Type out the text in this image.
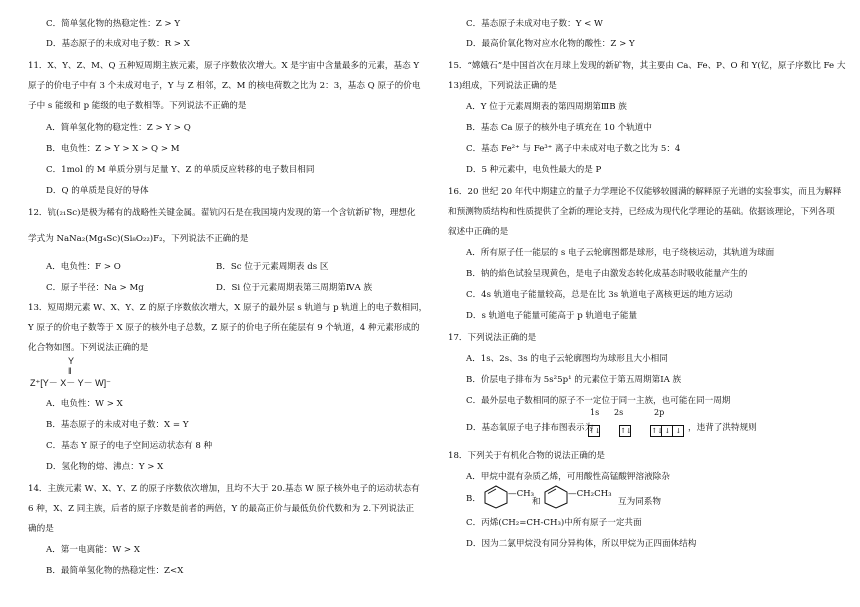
C．简单氢化物的热稳定性：Z > Y
D．基态原子的未成对电子数：R > X
11．X、Y、Z、M、Q 五种短周期主族元素，原子序数依次增大。X 是宇宙中含量最多的元素，基态 Y
原子的价电子中有 3 个未成对电子，Y 与 Z 相邻，Z、M 的核电荷数之比为 2：3，基态 Q 原子的价电
子中 s 能级和 p 能级的电子数相等。下列说法不正确的是
A．简单氢化物的稳定性：Z > Y > Q
B．电负性：Z > Y > X > Q > M
C．1mol 的 M 单质分别与足量 Y、Z 的单质反应转移的电子数目相同
D．Q 的单质是良好的导体
12．钪(₂₁Sc)是极为稀有的战略性关键金属。翟钪闪石是在我国境内发现的第一个含钪新矿物，理想化
学式为 NaNa₂(Mg₄Sc)(Si₈O₂₂)F₂，下列说法不正确的是
A．电负性：F > O	B．Sc 位于元素周期表 ds 区
C．原子半径：Na > Mg	D．Si 位于元素周期表第三周期第ⅣA 族
13．短周期元素 W、X、Y、Z 的原子序数依次增大，X 原子的最外层 s 轨道与 p 轨道上的电子数相同，
Y 原子的价电子数等于 X 原子的核外电子总数，Z 原子的价电子所在能层有 9 个轨道，4 种元素形成的
化合物如图。下列说法正确的是
Y
‖
Z⁺[Y－ X－ Y－ W]⁻
A．电负性：W > X
B．基态原子的未成对电子数：X = Y
C．基态 Y 原子的电子空间运动状态有 8 种
D．氢化物的熔、沸点：Y > X
14．主族元素 W、X、Y、Z 的原子序数依次增加，且均不大于 20.基态 W 原子核外电子的运动状态有
6 种，X、Z 同主族，后者的原子序数是前者的两倍，Y 的最高正价与最低负价代数和为 2.下列说法正
确的是
A．第一电离能：W > X
B．最简单氢化物的热稳定性：Z<X
C．基态原子未成对电子数：Y < W
D．最高价氧化物对应水化物的酸性：Z > Y
15．“嫦娥石”是中国首次在月球上发现的新矿物，其主要由 Ca、Fe、P、O 和 Y(钇，原子序数比 Fe 大
13)组成，下列说法正确的是
A．Y 位于元素周期表的第四周期第ⅢB 族
B．基态 Ca 原子的核外电子填充在 10 个轨道中
C．基态 Fe²⁺ 与 Fe³⁺ 离子中未成对电子数之比为 5：4
D．5 种元素中，电负性最大的是 P
16．20 世纪 20 年代中期建立的量子力学理论不仅能够较圆满的解释原子光谱的实验事实，而且为解释
和预测物质结构和性质提供了全新的理论支持，已经成为现代化学理论的基础。依据该理论，下列各项
叙述中正确的是
A．所有原子任一能层的 s 电子云轮廓图都是球形，电子绕核运动，其轨道为球面
B．钠的焰色试验呈现黄色，是电子由激发态转化成基态时吸收能量产生的
C．4s 轨道电子能量较高，总是在比 3s 轨道电子离核更远的地方运动
D．s 轨道电子能量可能高于 p 轨道电子能量
17．下列说法正确的是
A．1s、2s、3s 的电子云轮廓图均为球形且大小相同
B．价层电子排布为 5s²5p¹ 的元素位于第五周期第ⅠA 族
C．最外层电子数相同的原子不一定位于同一主族，也可能在同一周期
D．基态氧原子电子排布图表示为
1s 2s	2p
↑↓	↑↓	↑↓↓ ↓ ，违背了洪特规则
18．下列关于有机化合物的说法正确的是
A．甲烷中混有杂质乙烯，可用酸性高锰酸钾溶液除杂
B．	—CH₃
和
—CH₂CH₃
互为同系物
C．丙烯(CH₂=CH-CH₃)中所有原子一定共面
D．因为二氯甲烷没有同分异构体，所以甲烷为正四面体结构
